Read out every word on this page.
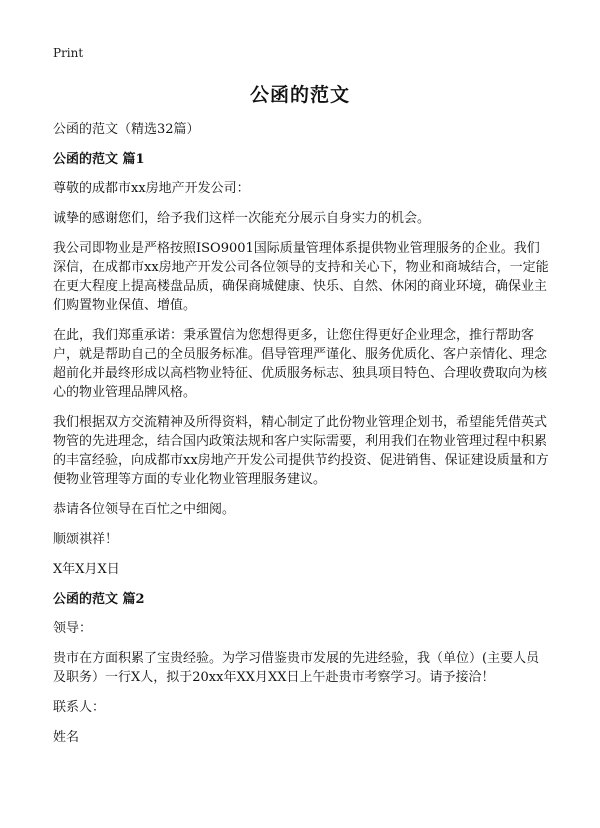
Print
公函的范文

公函的范文（精选32篇）

公函的范文 篇1

尊敬的成都市xx房地产开发公司：

诚挚的感谢您们，给予我们这样一次能充分展示自身实力的机会。

我公司即物业是严格按照ISO9001国际质量管理体系提供物业管理服务的企业。我们深信，在成都市xx房地产开发公司各位领导的支持和关心下，物业和商城结合，一定能在更大程度上提高楼盘品质，确保商城健康、快乐、自然、休闲的商业环境，确保业主们购置物业保值、增值。

在此，我们郑重承诺：秉承置信为您想得更多，让您住得更好企业理念，推行帮助客户，就是帮助自己的全员服务标准。倡导管理严谨化、服务优质化、客户亲情化、理念超前化并最终形成以高档物业特征、优质服务标志、独具项目特色、合理收费取向为核心的物业管理品牌风格。

我们根据双方交流精神及所得资料，精心制定了此份物业管理企划书，希望能凭借英式物管的先进理念，结合国内政策法规和客户实际需要，利用我们在物业管理过程中积累的丰富经验，向成都市xx房地产开发公司提供节约投资、促进销售、保证建设质量和方便物业管理等方面的专业化物业管理服务建议。

恭请各位领导在百忙之中细阅。

顺颂祺祥！

X年X月X日

公函的范文 篇2

领导：

贵市在方面积累了宝贵经验。为学习借鉴贵市发展的先进经验，我（单位）(主要人员及职务）一行X人，拟于20xx年XX月XX日上午赴贵市考察学习。请予接洽！

联系人：

姓名
